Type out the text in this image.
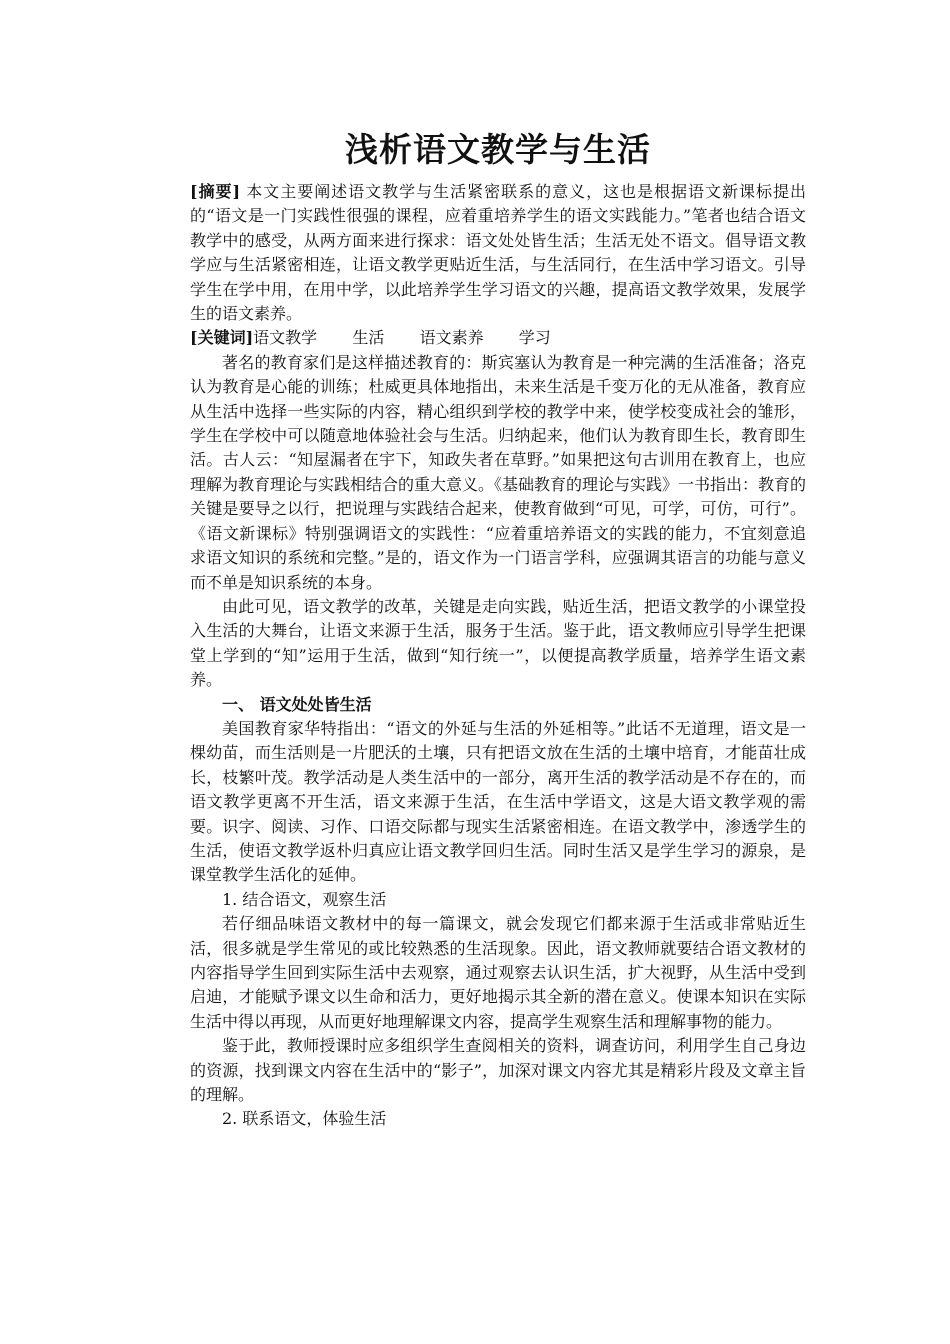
浅析语文教学与生活

[摘要] 本文主要阐述语文教学与生活紧密联系的意义，这也是根据语文新课标提出的“语文是一门实践性很强的课程，应着重培养学生的语文实践能力。”笔者也结合语文教学中的感受，从两方面来进行探求：语文处处皆生活；生活无处不语文。倡导语文教学应与生活紧密相连，让语文教学更贴近生活，与生活同行，在生活中学习语文。引导学生在学中用，在用中学，以此培养学生学习语文的兴趣，提高语文教学效果，发展学生的语文素养。

[关键词]语文教学 生活 语文素养 学习

著名的教育家们是这样描述教育的：斯宾塞认为教育是一种完满的生活准备；洛克认为教育是心能的训练；杜威更具体地指出，未来生活是千变万化的无从准备，教育应从生活中选择一些实际的内容，精心组织到学校的教学中来，使学校变成社会的雏形，学生在学校中可以随意地体验社会与生活。归纳起来，他们认为教育即生长，教育即生活。古人云：“知屋漏者在宇下，知政失者在草野。”如果把这句古训用在教育上，也应理解为教育理论与实践相结合的重大意义。《基础教育的理论与实践》一书指出：教育的关键是要导之以行，把说理与实践结合起来，使教育做到“可见，可学，可仿，可行”。《语文新课标》特别强调语文的实践性：“应着重培养语文的实践的能力，不宜刻意追求语文知识的系统和完整。”是的，语文作为一门语言学科，应强调其语言的功能与意义而不单是知识系统的本身。

由此可见，语文教学的改革，关键是走向实践，贴近生活，把语文教学的小课堂投入生活的大舞台，让语文来源于生活，服务于生活。鉴于此，语文教师应引导学生把课堂上学到的“知”运用于生活，做到“知行统一”，以便提高教学质量，培养学生语文素养。

一、 语文处处皆生活

美国教育家华特指出：“语文的外延与生活的外延相等。”此话不无道理，语文是一棵幼苗，而生活则是一片肥沃的土壤，只有把语文放在生活的土壤中培育，才能苗壮成长，枝繁叶茂。教学活动是人类生活中的一部分，离开生活的教学活动是不存在的，而语文教学更离不开生活，语文来源于生活，在生活中学语文，这是大语文教学观的需要。识字、阅读、习作、口语交际都与现实生活紧密相连。在语文教学中，渗透学生的生活，使语文教学返朴归真应让语文教学回归生活。同时生活又是学生学习的源泉，是课堂教学生活化的延伸。

1. 结合语文，观察生活

若仔细品味语文教材中的每一篇课文，就会发现它们都来源于生活或非常贴近生活，很多就是学生常见的或比较熟悉的生活现象。因此，语文教师就要结合语文教材的内容指导学生回到实际生活中去观察，通过观察去认识生活，扩大视野，从生活中受到启迪，才能赋予课文以生命和活力，更好地揭示其全新的潜在意义。使课本知识在实际生活中得以再现，从而更好地理解课文内容，提高学生观察生活和理解事物的能力。

鉴于此，教师授课时应多组织学生查阅相关的资料，调查访问，利用学生自己身边的资源，找到课文内容在生活中的“影子”，加深对课文内容尤其是精彩片段及文章主旨的理解。

2. 联系语文，体验生活
